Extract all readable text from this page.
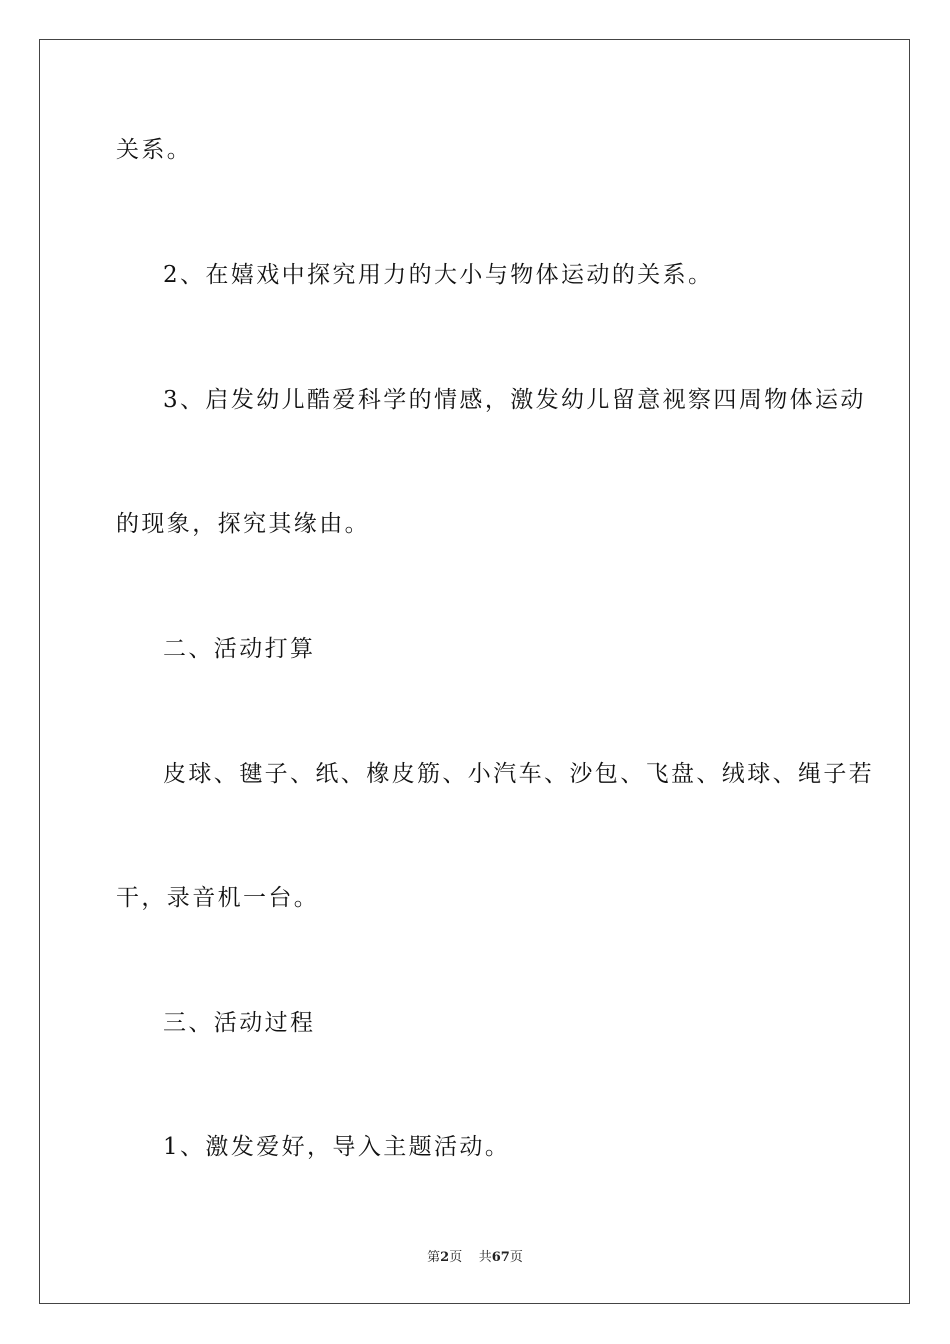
关系。
2、在嬉戏中探究用力的大小与物体运动的关系。
3、启发幼儿酷爱科学的情感，激发幼儿留意视察四周物体运动
的现象，探究其缘由。
二、活动打算
皮球、毽子、纸、橡皮筋、小汽车、沙包、飞盘、绒球、绳子若
干，录音机一台。
三、活动过程
1、激发爱好，导入主题活动。
第2页 共67页
